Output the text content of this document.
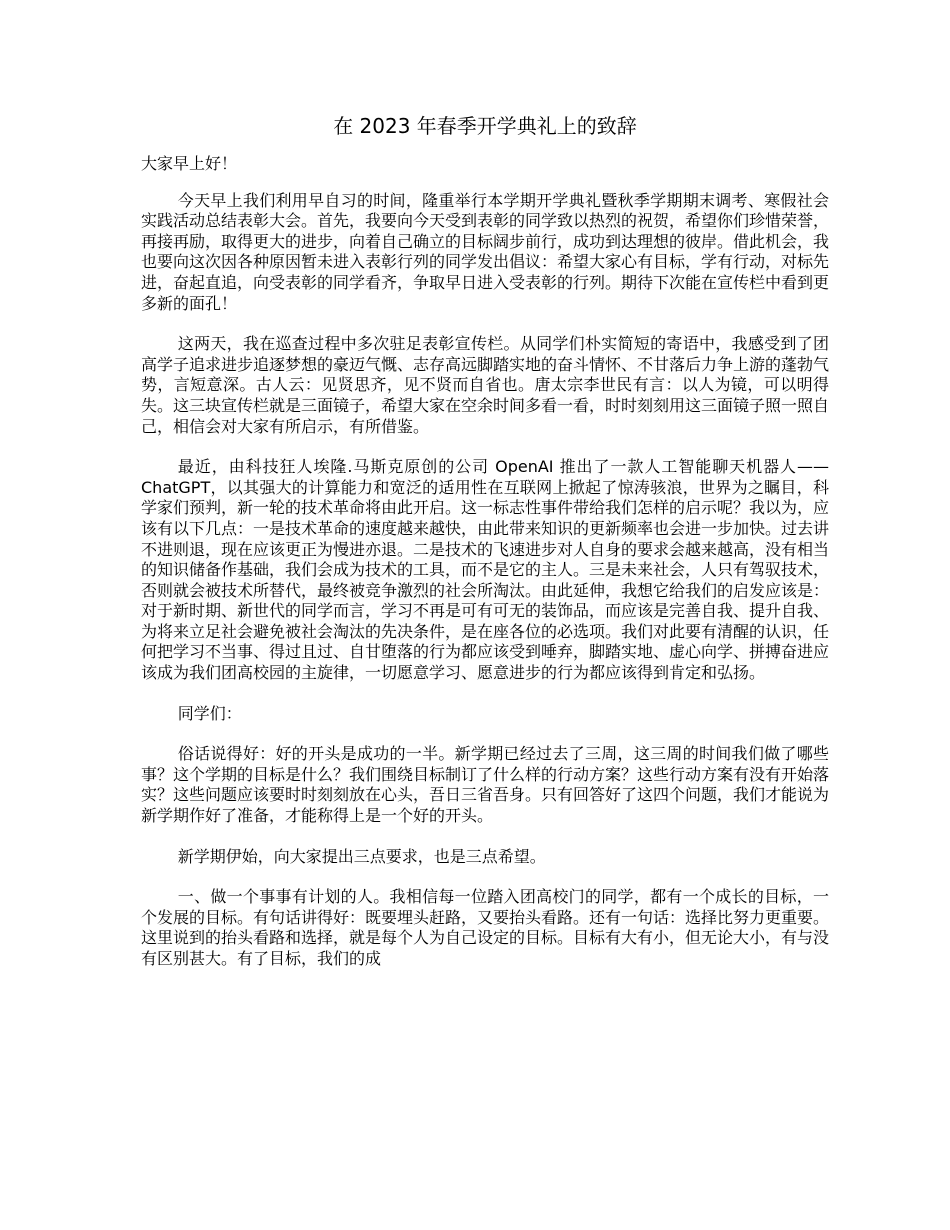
在 2023 年春季开学典礼上的致辞

大家早上好！

今天早上我们利用早自习的时间，隆重举行本学期开学典礼暨秋季学期期末调考、寒假社会实践活动总结表彰大会。首先，我要向今天受到表彰的同学致以热烈的祝贺，希望你们珍惜荣誉，再接再励，取得更大的进步，向着自己确立的目标阔步前行，成功到达理想的彼岸。借此机会，我也要向这次因各种原因暂未进入表彰行列的同学发出倡议：希望大家心有目标，学有行动，对标先进，奋起直追，向受表彰的同学看齐，争取早日进入受表彰的行列。期待下次能在宣传栏中看到更多新的面孔！

这两天，我在巡查过程中多次驻足表彰宣传栏。从同学们朴实简短的寄语中，我感受到了团高学子追求进步追逐梦想的豪迈气慨、志存高远脚踏实地的奋斗情怀、不甘落后力争上游的蓬勃气势，言短意深。古人云：见贤思齐，见不贤而自省也。唐太宗李世民有言：以人为镜，可以明得失。这三块宣传栏就是三面镜子，希望大家在空余时间多看一看，时时刻刻用这三面镜子照一照自己，相信会对大家有所启示，有所借鉴。

最近，由科技狂人埃隆.马斯克原创的公司 OpenAI 推出了一款人工智能聊天机器人——ChatGPT，以其强大的计算能力和宽泛的适用性在互联网上掀起了惊涛骇浪，世界为之瞩目，科学家们预判，新一轮的技术革命将由此开启。这一标志性事件带给我们怎样的启示呢？我以为，应该有以下几点：一是技术革命的速度越来越快，由此带来知识的更新频率也会进一步加快。过去讲不进则退，现在应该更正为慢进亦退。二是技术的飞速进步对人自身的要求会越来越高，没有相当的知识储备作基础，我们会成为技术的工具，而不是它的主人。三是未来社会，人只有驾驭技术，否则就会被技术所替代，最终被竞争激烈的社会所淘汰。由此延伸，我想它给我们的启发应该是：对于新时期、新世代的同学而言，学习不再是可有可无的装饰品，而应该是完善自我、提升自我、为将来立足社会避免被社会淘汰的先决条件，是在座各位的必选项。我们对此要有清醒的认识，任何把学习不当事、得过且过、自甘堕落的行为都应该受到唾弃，脚踏实地、虚心向学、拼搏奋进应该成为我们团高校园的主旋律，一切愿意学习、愿意进步的行为都应该得到肯定和弘扬。

同学们：

俗话说得好：好的开头是成功的一半。新学期已经过去了三周，这三周的时间我们做了哪些事？这个学期的目标是什么？我们围绕目标制订了什么样的行动方案？这些行动方案有没有开始落实？这些问题应该要时时刻刻放在心头，吾日三省吾身。只有回答好了这四个问题，我们才能说为新学期作好了准备，才能称得上是一个好的开头。

新学期伊始，向大家提出三点要求，也是三点希望。

一、做一个事事有计划的人。我相信每一位踏入团高校门的同学，都有一个成长的目标，一个发展的目标。有句话讲得好：既要埋头赶路，又要抬头看路。还有一句话：选择比努力更重要。这里说到的抬头看路和选择，就是每个人为自己设定的目标。目标有大有小，但无论大小，有与没有区别甚大。有了目标，我们的成
